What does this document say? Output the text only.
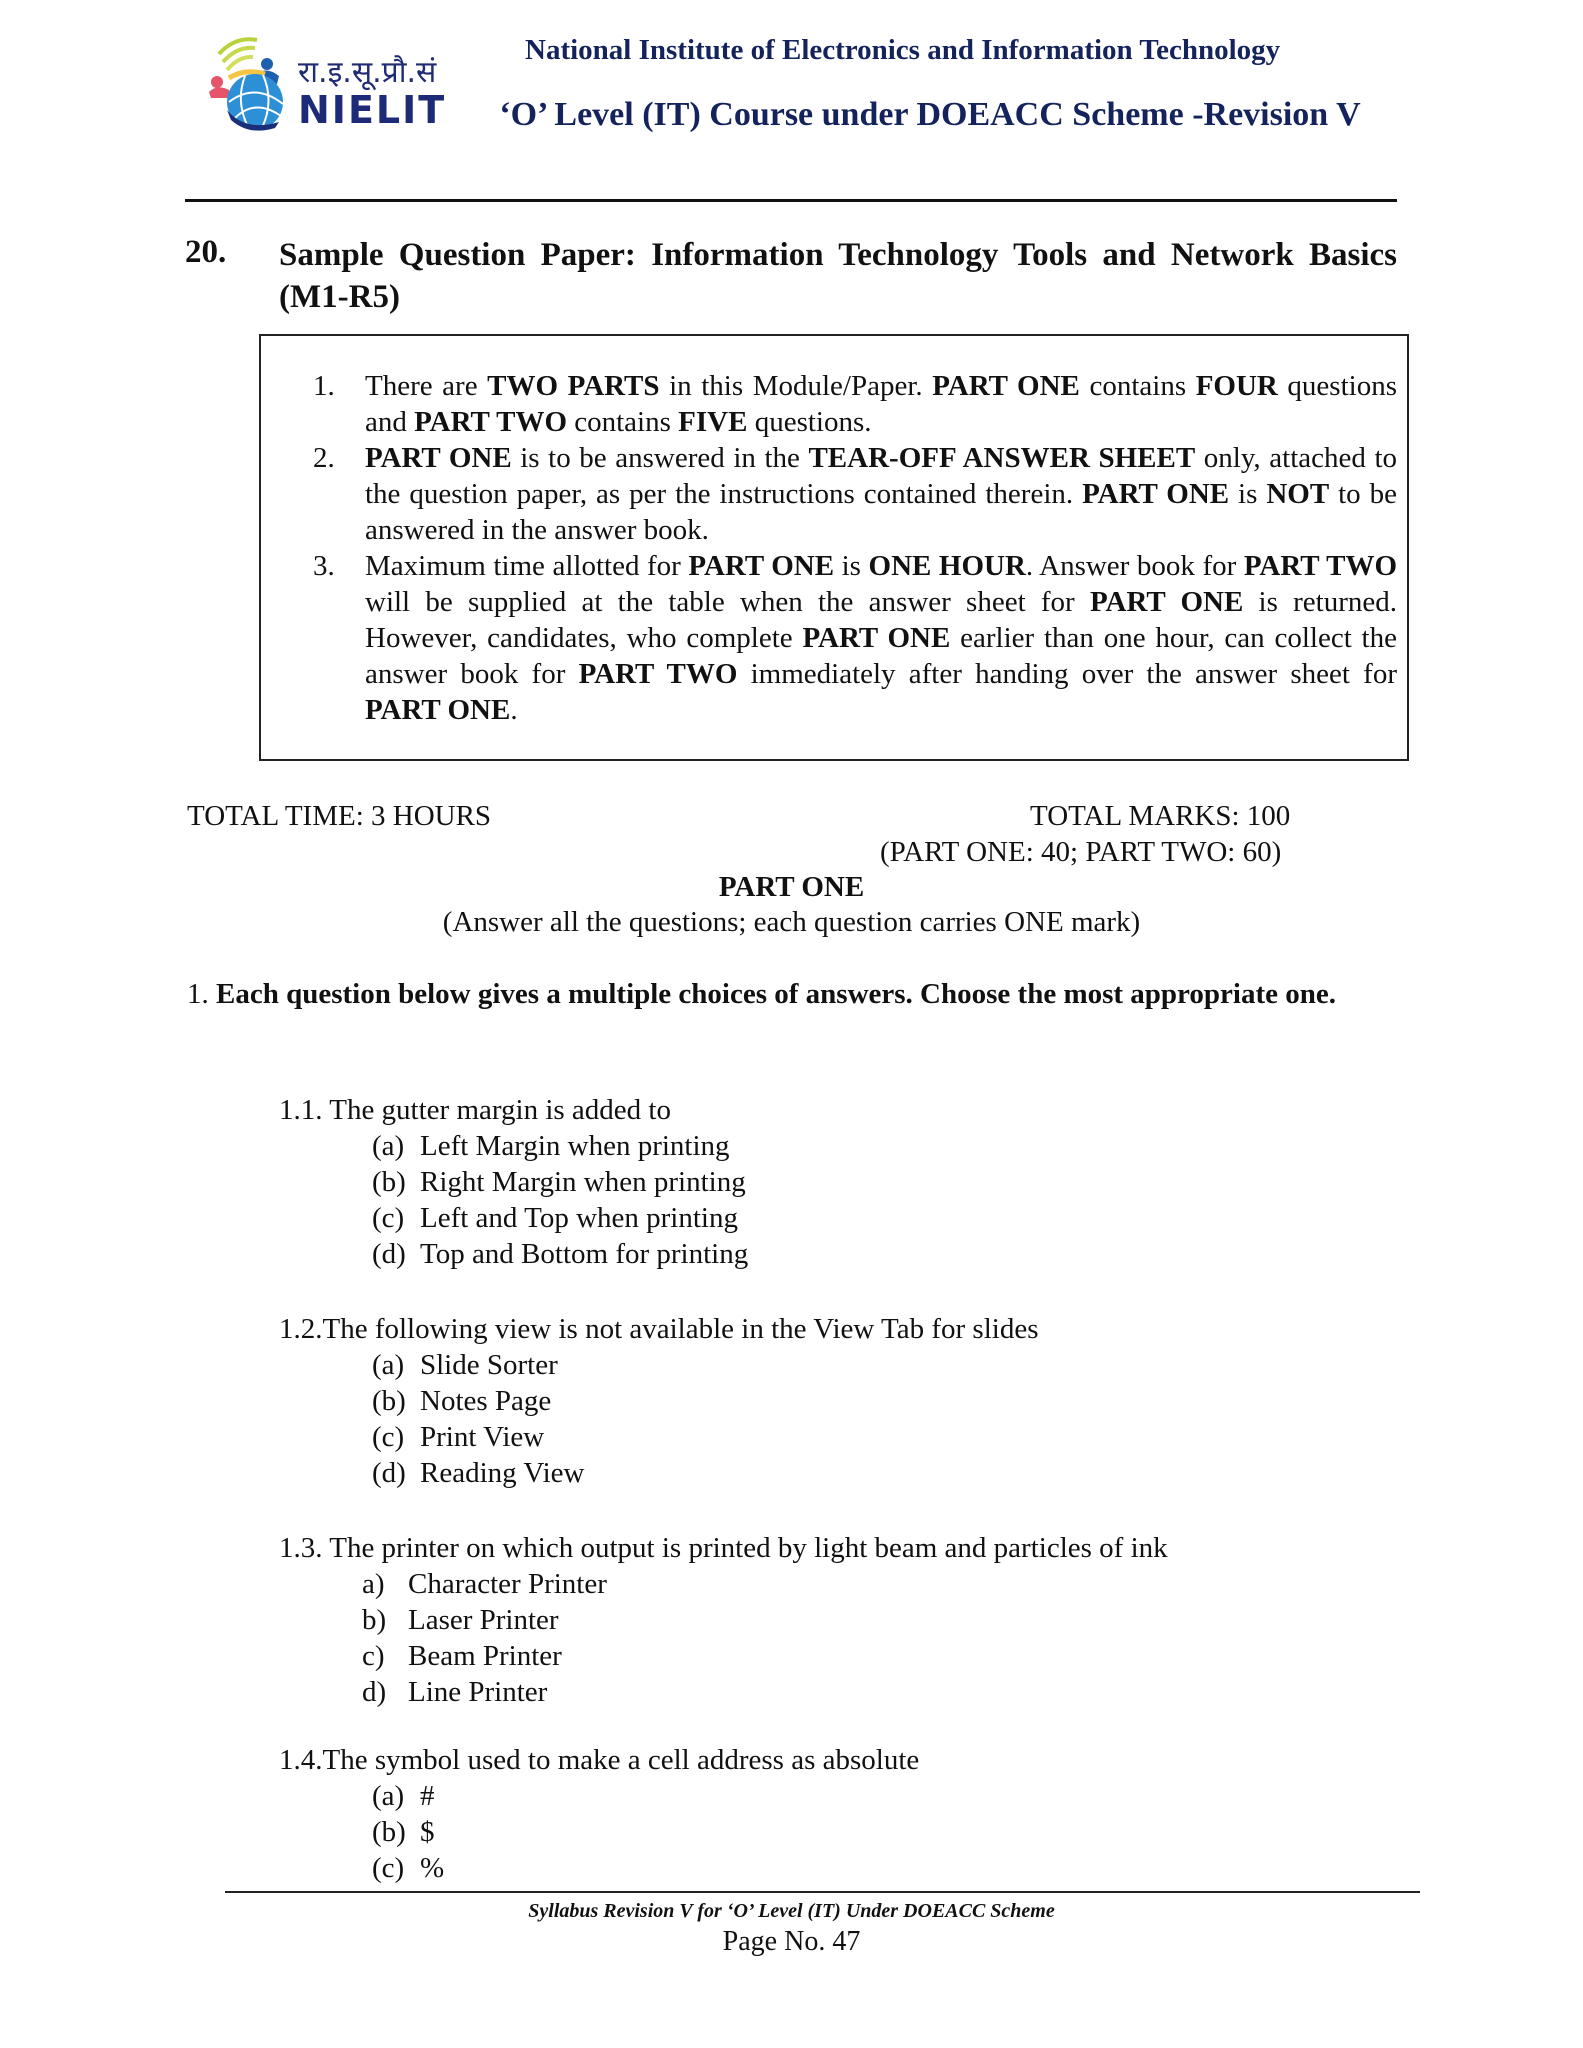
रा.इ.सू.प्रौ.सं
NIELIT
National Institute of Electronics and Information Technology
‘O’ Level (IT) Course under DOEACC Scheme -Revision V
20. Sample Question Paper: Information Technology Tools and Network Basics (M1-R5)
1.	There are TWO PARTS in this Module/Paper. PART ONE contains FOUR questions and PART TWO contains FIVE questions.
2.	PART ONE is to be answered in the TEAR-OFF ANSWER SHEET only, attached to the question paper, as per the instructions contained therein. PART ONE is NOT to be answered in the answer book.
3.	Maximum time allotted for PART ONE is ONE HOUR. Answer book for PART TWO will be supplied at the table when the answer sheet for PART ONE is returned. However, candidates, who complete PART ONE earlier than one hour, can collect the answer book for PART TWO immediately after handing over the answer sheet for PART ONE.
TOTAL TIME: 3 HOURS	TOTAL MARKS: 100
(PART ONE: 40; PART TWO: 60)
PART ONE
(Answer all the questions; each question carries ONE mark)
1. Each question below gives a multiple choices of answers. Choose the most appropriate one.
1.1. The gutter margin is added to
(a) Left Margin when printing
(b) Right Margin when printing
(c) Left and Top when printing
(d) Top and Bottom for printing
1.2.The following view is not available in the View Tab for slides
(a) Slide Sorter
(b) Notes Page
(c) Print View
(d) Reading View
1.3. The printer on which output is printed by light beam and particles of ink
a) Character Printer
b) Laser Printer
c) Beam Printer
d) Line Printer
1.4.The symbol used to make a cell address as absolute
(a) #
(b) $
(c) %
Syllabus Revision V for ‘O’ Level (IT) Under DOEACC Scheme
Page No. 47
